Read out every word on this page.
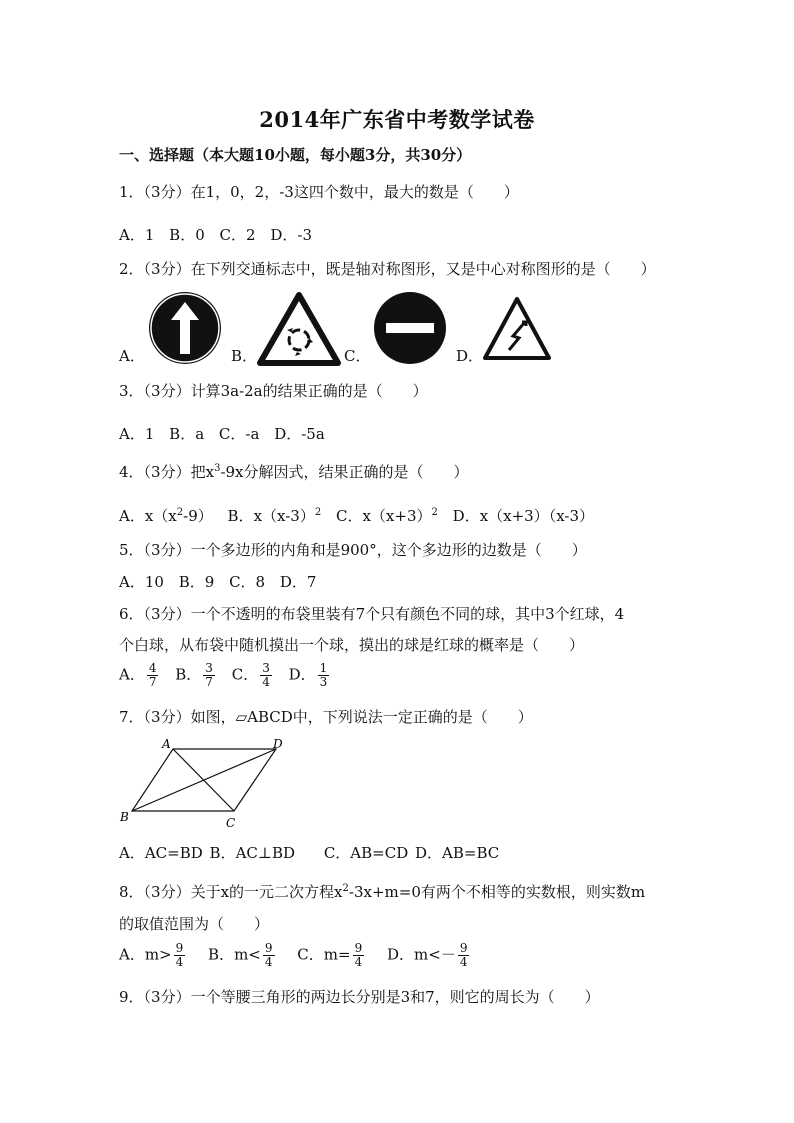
2014年广东省中考数学试卷
一、选择题（本大题10小题，每小题3分，共30分）
1．（3分）在1，0，2，-3这四个数中，最大的数是（　　）
A．1 B．0 C．2 D．-3
2．（3分）在下列交通标志中，既是轴对称图形，又是中心对称图形的是（　　）
A．	B．	C．	D．
3．（3分）计算3a-2a的结果正确的是（　　）
A．1 B．a C．-a D．-5a
4．（3分）把$x^3-9x$分解因式，结果正确的是（　　）
A．$x(x^2-9)$ B．$x(x-3)^2$ C．$x(x+3)^2$ D．x（x+3）（x-3）
5．（3分）一个多边形的内角和是900°，这个多边形的边数是（　　）
A．10 B．9 C．8 D．7
6．（3分）一个不透明的布袋里装有7个只有颜色不同的球，其中3个红球，4
个白球，从布袋中随机摸出一个球，摸出的球是红球的概率是（　　）
A． $\frac{4}{7}$ B． $\frac{3}{7}$ C． $\frac{3}{4}$ D． $\frac{1}{3}$
7．（3分）如图，▱ABCD中，下列说法一定正确的是（　　）
A	D
B	C
A．AC=BD B．AC⊥BD C．AB=CD D．AB=BC
8．（3分）关于x的一元二次方程$x^2-3x+m=0$有两个不相等的实数根，则实数m
的取值范围为（　　）
A．$m> \frac{9}{4}$ B．$m< \frac{9}{4}$ C．$m= \frac{9}{4}$ D．$m<- \frac{9}{4}$
9．（3分）一个等腰三角形的两边长分别是3和7，则它的周长为（　　）
